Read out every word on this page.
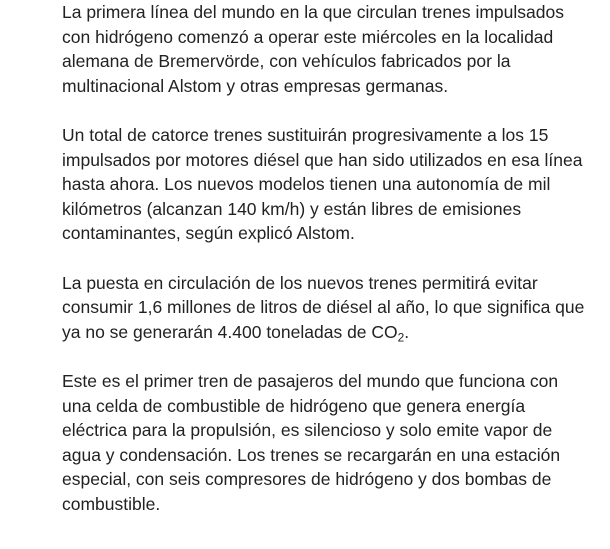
La primera línea del mundo en la que circulan trenes impulsados con hidrógeno comenzó a operar este miércoles en la localidad alemana de Bremervörde, con vehículos fabricados por la multinacional Alstom y otras empresas germanas.

Un total de catorce trenes sustituirán progresivamente a los 15 impulsados por motores diésel que han sido utilizados en esa línea hasta ahora. Los nuevos modelos tienen una autonomía de mil kilómetros (alcanzan 140 km/h) y están libres de emisiones contaminantes, según explicó Alstom.

La puesta en circulación de los nuevos trenes permitirá evitar consumir 1,6 millones de litros de diésel al año, lo que significa que ya no se generarán 4.400 toneladas de $CO_2$.

Este es el primer tren de pasajeros del mundo que funciona con una celda de combustible de hidrógeno que genera energía eléctrica para la propulsión, es silencioso y solo emite vapor de agua y condensación. Los trenes se recargarán en una estación especial, con seis compresores de hidrógeno y dos bombas de combustible.
